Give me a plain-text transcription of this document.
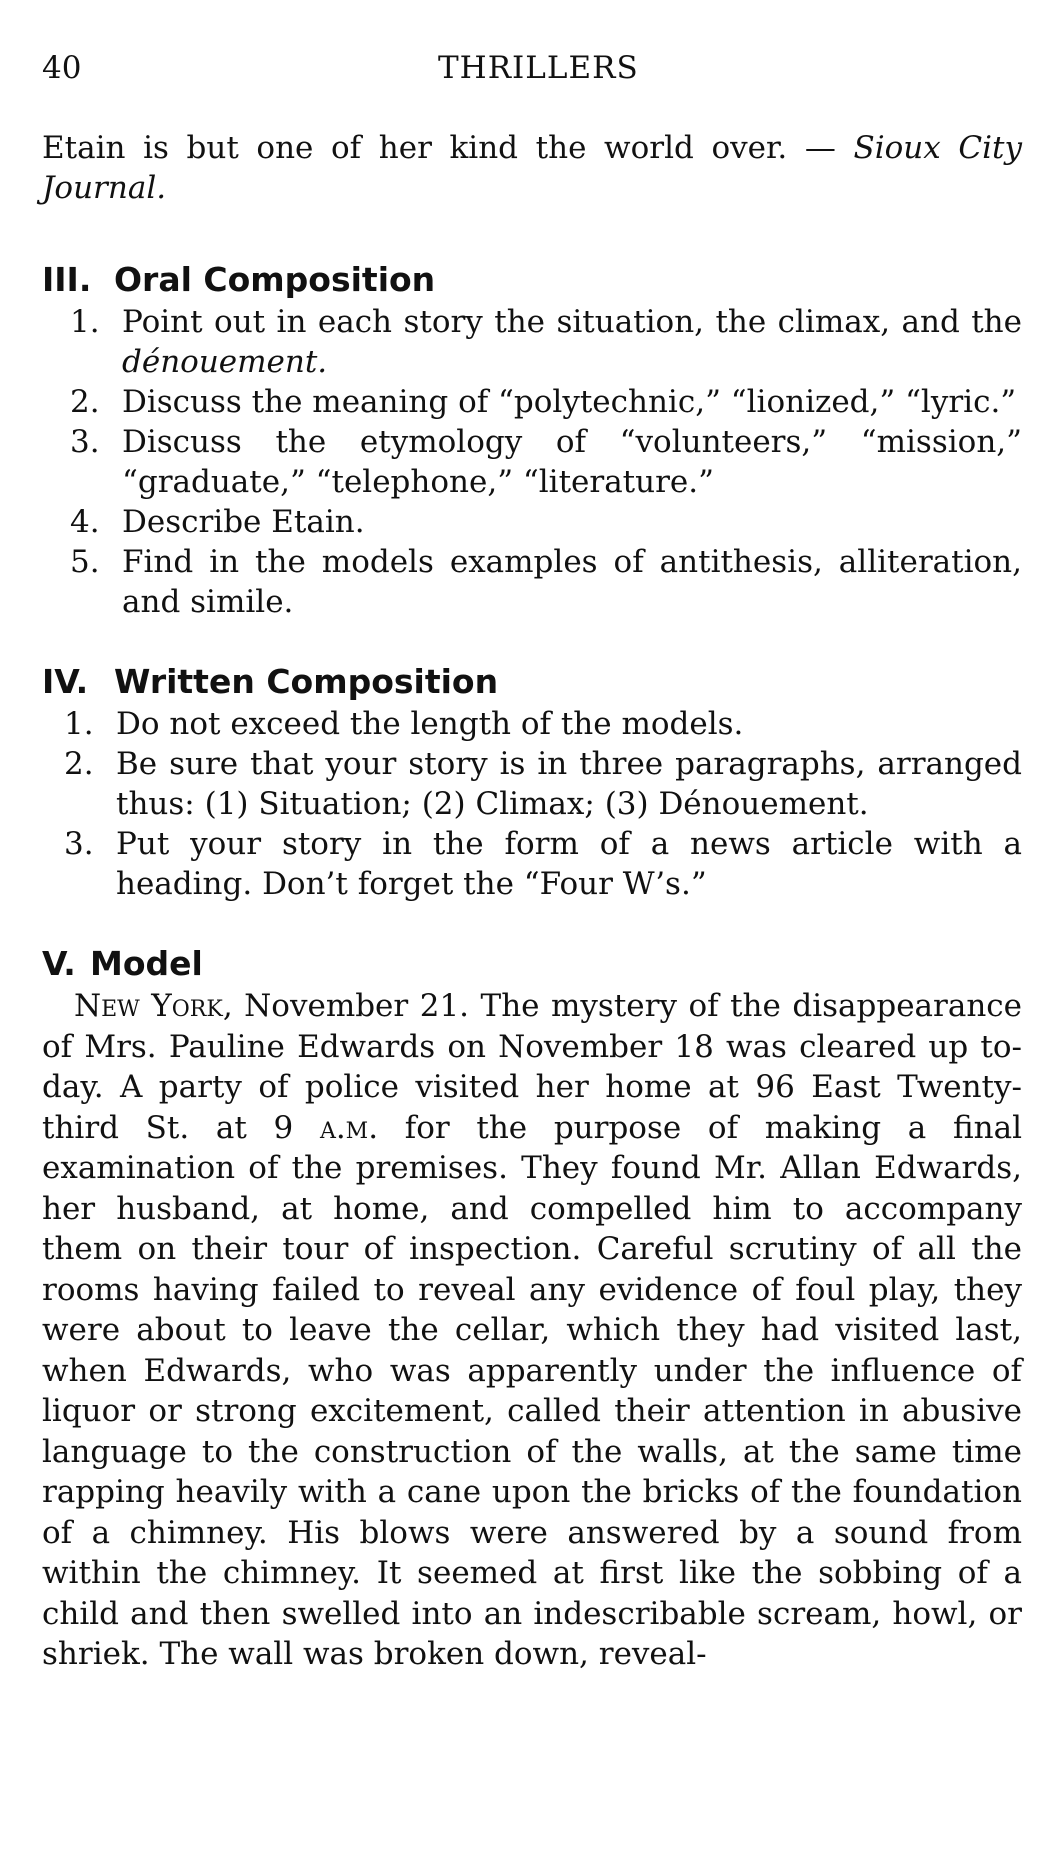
40	THRILLERS

Etain is but one of her kind the world over. — Sioux City Journal.

III. Oral Composition
1. Point out in each story the situation, the climax, and the dénouement.
2. Discuss the meaning of “polytechnic,” “lionized,” “lyric.”
3. Discuss the etymology of “volunteers,” “mission,” “graduate,” “telephone,” “literature.”
4. Describe Etain.
5. Find in the models examples of antithesis, alliteration, and simile.
IV. Written Composition
1. Do not exceed the length of the models.
2. Be sure that your story is in three paragraphs, arranged thus: (1) Situation; (2) Climax; (3) Dénouement.
3. Put your story in the form of a news article with a heading. Don’t forget the “Four W’s.”
V. Model

New York, November 21. The mystery of the disappearance of Mrs. Pauline Edwards on November 18 was cleared up to-day. A party of police visited her home at 96 East Twenty-third St. at 9 a.m. for the purpose of making a final examination of the premises. They found Mr. Allan Edwards, her husband, at home, and compelled him to accompany them on their tour of inspection. Careful scrutiny of all the rooms having failed to reveal any evidence of foul play, they were about to leave the cellar, which they had visited last, when Edwards, who was apparently under the influence of liquor or strong excitement, called their attention in abusive language to the construction of the walls, at the same time rapping heavily with a cane upon the bricks of the foundation of a chimney. His blows were answered by a sound from within the chimney. It seemed at first like the sobbing of a child and then swelled into an indescribable scream, howl, or shriek. The wall was broken down, reveal-
